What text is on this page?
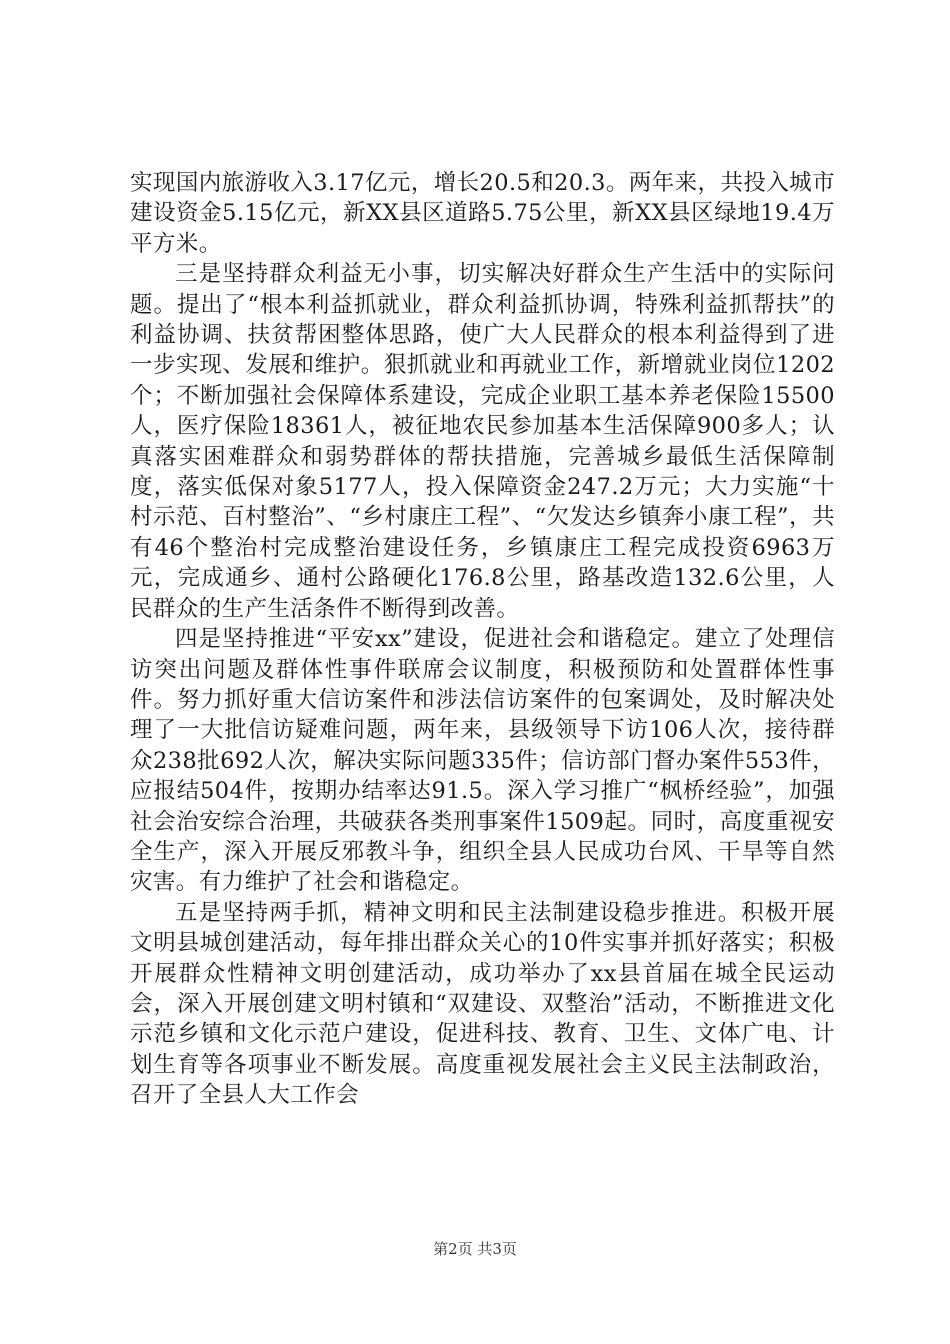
实现国内旅游收入3.17亿元，增长20.5和20.3。两年来，共投入城市建设资金5.15亿元，新XX县区道路5.75公里，新XX县区绿地19.4万平方米。

三是坚持群众利益无小事，切实解决好群众生产生活中的实际问题。提出了“根本利益抓就业，群众利益抓协调，特殊利益抓帮扶”的利益协调、扶贫帮困整体思路，使广大人民群众的根本利益得到了进一步实现、发展和维护。狠抓就业和再就业工作，新增就业岗位1202个；不断加强社会保障体系建设，完成企业职工基本养老保险15500人，医疗保险18361人，被征地农民参加基本生活保障900多人；认真落实困难群众和弱势群体的帮扶措施，完善城乡最低生活保障制度，落实低保对象5177人，投入保障资金247.2万元；大力实施“十村示范、百村整治”、“乡村康庄工程”、“欠发达乡镇奔小康工程”，共有46个整治村完成整治建设任务，乡镇康庄工程完成投资6963万元，完成通乡、通村公路硬化176.8公里，路基改造132.6公里，人民群众的生产生活条件不断得到改善。

四是坚持推进“平安xx”建设，促进社会和谐稳定。建立了处理信访突出问题及群体性事件联席会议制度，积极预防和处置群体性事件。努力抓好重大信访案件和涉法信访案件的包案调处，及时解决处理了一大批信访疑难问题，两年来，县级领导下访106人次，接待群众238批692人次，解决实际问题335件；信访部门督办案件553件，应报结504件，按期办结率达91.5。深入学习推广“枫桥经验”，加强社会治安综合治理，共破获各类刑事案件1509起。同时，高度重视安全生产，深入开展反邪教斗争，组织全县人民成功台风、干旱等自然灾害。有力维护了社会和谐稳定。

五是坚持两手抓，精神文明和民主法制建设稳步推进。积极开展文明县城创建活动，每年排出群众关心的10件实事并抓好落实；积极开展群众性精神文明创建活动，成功举办了xx县首届在城全民运动会，深入开展创建文明村镇和“双建设、双整治”活动，不断推进文化示范乡镇和文化示范户建设，促进科技、教育、卫生、文体广电、计划生育等各项事业不断发展。高度重视发展社会主义民主法制政治，召开了全县人大工作会

第2页 共3页
